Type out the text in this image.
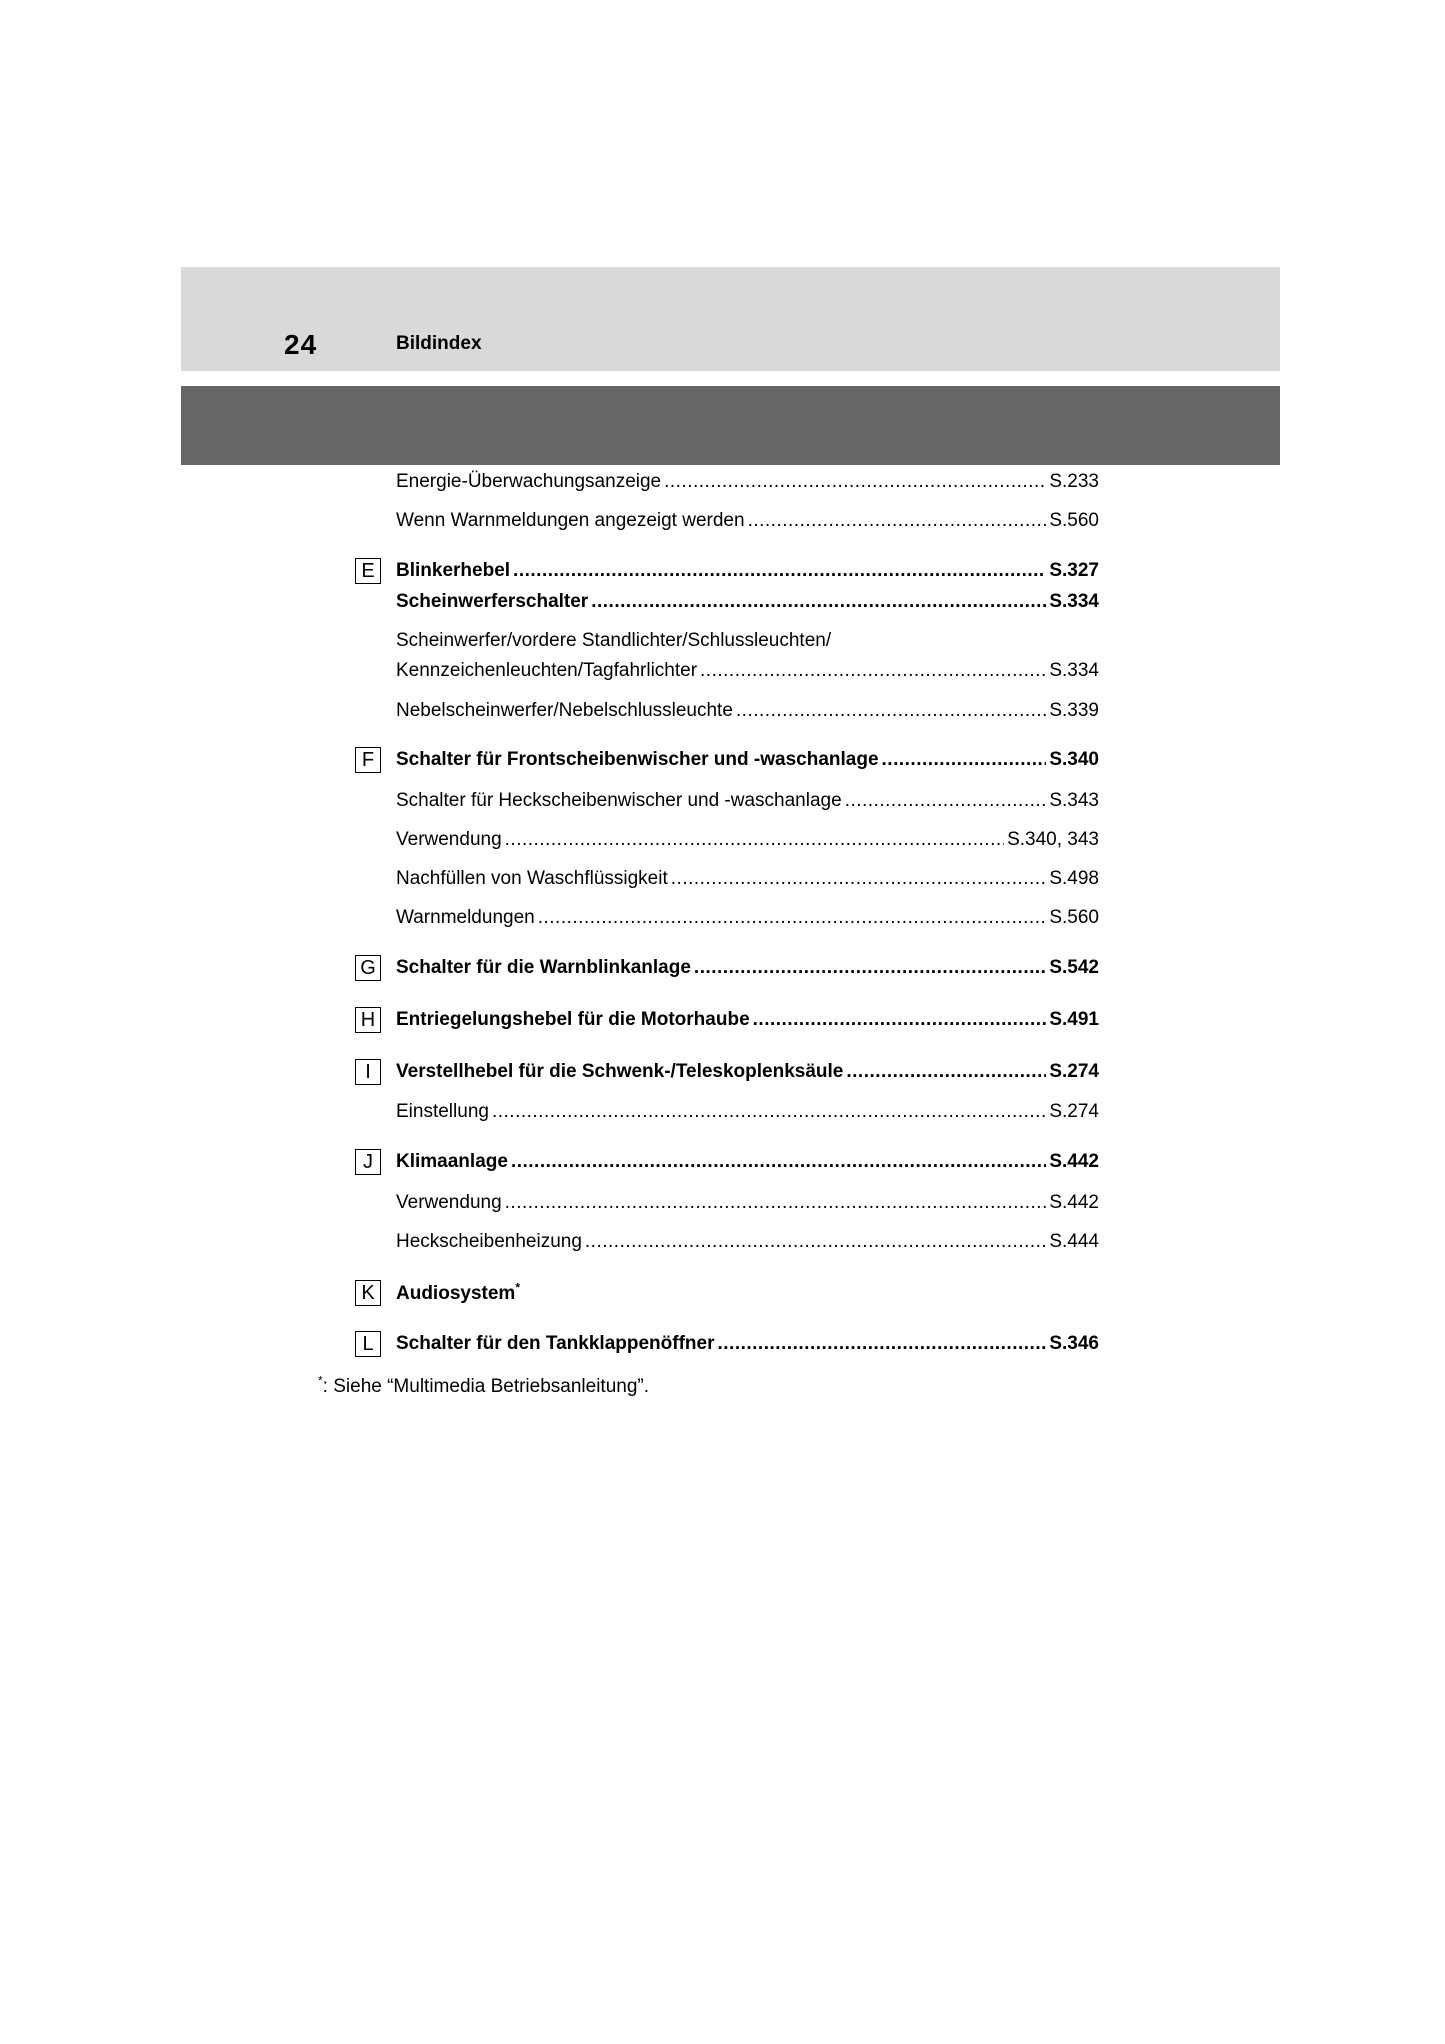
24	Bildindex
Energie-Überwachungsanzeige .....	S.233
Wenn Warnmeldungen angezeigt werden .....	S.560
E	Blinkerhebel .....	S.327
Scheinwerferschalter .....	S.334
Scheinwerfer/vordere Standlichter/Schlussleuchten/
Kennzeichenleuchten/Tagfahrlichter .....	S.334
Nebelscheinwerfer/Nebelschlussleuchte .....	S.339
F	Schalter für Frontscheibenwischer und -waschanlage .....	S.340
Schalter für Heckscheibenwischer und -waschanlage .....	S.343
Verwendung .....	S.340, 343
Nachfüllen von Waschflüssigkeit .....	S.498
Warnmeldungen .....	S.560
G Schalter für die Warnblinkanlage .....	S.542
H	Entriegelungshebel für die Motorhaube .....	S.491
I	Verstellhebel für die Schwenk-/Teleskoplenksäule .....	S.274
Einstellung .....	S.274
J	Klimaanlage .....	S.442
Verwendung .....	S.442
Heckscheibenheizung .....	S.444
K	Audiosystem*
L	Schalter für den Tankklappenöffner .....	S.346
*: Siehe “Multimedia Betriebsanleitung”.
